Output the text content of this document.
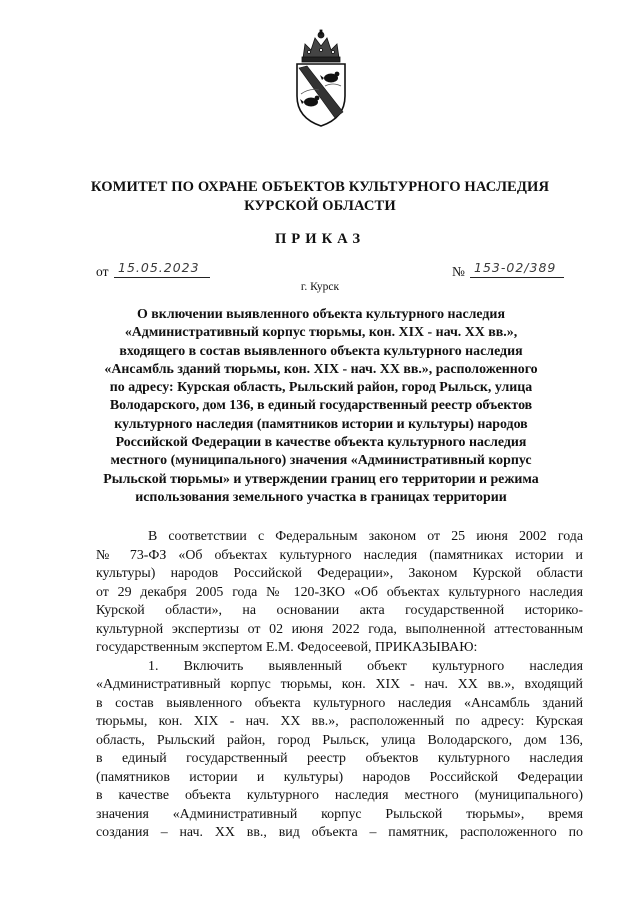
КОМИТЕТ ПО ОХРАНЕ ОБЪЕКТОВ КУЛЬТУРНОГО НАСЛЕДИЯ
КУРСКОЙ ОБЛАСТИ
ПРИКАЗ
от 15.05.2023	№ 153-02/389
г. Курск
О включении выявленного объекта культурного наследия
«Административный корпус тюрьмы, кон. XIX - нач. XX вв.»,
входящего в состав выявленного объекта культурного наследия
«Ансамбль зданий тюрьмы, кон. XIX - нач. XX вв.», расположенного
по адресу: Курская область, Рыльский район, город Рыльск, улица
Володарского, дом 136, в единый государственный реестр объектов
культурного наследия (памятников истории и культуры) народов
Российской Федерации в качестве объекта культурного наследия
местного (муниципального) значения «Административный корпус
Рыльской тюрьмы» и утверждении границ его территории и режима
использования земельного участка в границах территории
В соответствии с Федеральным законом от 25 июня 2002 года
№ 73-ФЗ «Об объектах культурного наследия (памятниках истории и
культуры) народов Российской Федерации», Законом Курской области
от 29 декабря 2005 года № 120-ЗКО «Об объектах культурного наследия
Курской области», на основании акта государственной историко-
культурной экспертизы от 02 июня 2022 года, выполненной аттестованным
государственным экспертом Е.М. Федосеевой, ПРИКАЗЫВАЮ:
1. Включить выявленный объект культурного наследия
«Административный корпус тюрьмы, кон. XIX - нач. XX вв.», входящий
в состав выявленного объекта культурного наследия «Ансамбль зданий
тюрьмы, кон. XIX - нач. XX вв.», расположенный по адресу: Курская
область, Рыльский район, город Рыльск, улица Володарского, дом 136,
в единый государственный реестр объектов культурного наследия
(памятников истории и культуры) народов Российской Федерации
в качестве объекта культурного наследия местного (муниципального)
значения «Административный корпус Рыльской тюрьмы», время
создания – нач. XX вв., вид объекта – памятник, расположенного по
